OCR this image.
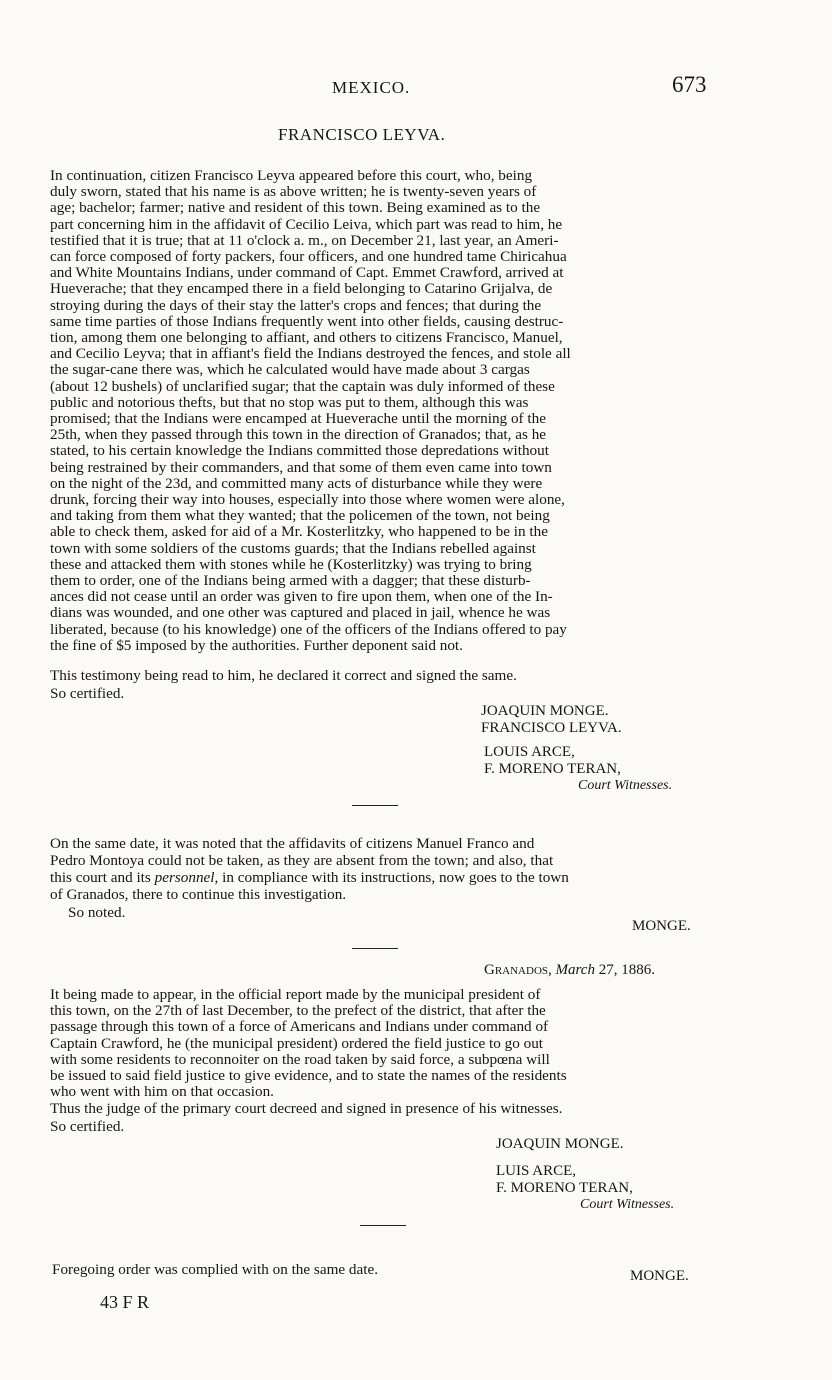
MEXICO.	673
FRANCISCO LEYVA.
In continuation, citizen Francisco Leyva appeared before this court, who, being
duly sworn, stated that his name is as above written; he is twenty-seven years of
age; bachelor; farmer; native and resident of this town. Being examined as to the
part concerning him in the affidavit of Cecilio Leiva, which part was read to him, he
testified that it is true; that at 11 o'clock a. m., on December 21, last year, an Ameri-
can force composed of forty packers, four officers, and one hundred tame Chiricahua
and White Mountains Indians, under command of Capt. Emmet Crawford, arrived at
Hueverache; that they encamped there in a field belonging to Catarino Grijalva, de
stroying during the days of their stay the latter's crops and fences; that during the
same time parties of those Indians frequently went into other fields, causing destruc-
tion, among them one belonging to affiant, and others to citizens Francisco, Manuel,
and Cecilio Leyva; that in affiant's field the Indians destroyed the fences, and stole all
the sugar-cane there was, which he calculated would have made about 3 cargas
(about 12 bushels) of unclarified sugar; that the captain was duly informed of these
public and notorious thefts, but that no stop was put to them, although this was
promised; that the Indians were encamped at Hueverache until the morning of the
25th, when they passed through this town in the direction of Granados; that, as he
stated, to his certain knowledge the Indians committed those depredations without
being restrained by their commanders, and that some of them even came into town
on the night of the 23d, and committed many acts of disturbance while they were
drunk, forcing their way into houses, especially into those where women were alone,
and taking from them what they wanted; that the policemen of the town, not being
able to check them, asked for aid of a Mr. Kosterlitzky, who happened to be in the
town with some soldiers of the customs guards; that the Indians rebelled against
these and attacked them with stones while he (Kosterlitzky) was trying to bring
them to order, one of the Indians being armed with a dagger; that these disturb-
ances did not cease until an order was given to fire upon them, when one of the In-
dians was wounded, and one other was captured and placed in jail, whence he was
liberated, because (to his knowledge) one of the officers of the Indians offered to pay
the fine of $5 imposed by the authorities. Further deponent said not.
This testimony being read to him, he declared it correct and signed the same.
So certified.
JOAQUIN MONGE.
FRANCISCO LEYVA.
LOUIS ARCE,
F. MORENO TERAN,
Court Witnesses.
On the same date, it was noted that the affidavits of citizens Manuel Franco and
Pedro Montoya could not be taken, as they are absent from the town; and also, that
this court and its personnel, in compliance with its instructions, now goes to the town
of Granados, there to continue this investigation.
So noted.
MONGE.
Granados, March 27, 1886.
It being made to appear, in the official report made by the municipal president of
this town, on the 27th of last December, to the prefect of the district, that after the
passage through this town of a force of Americans and Indians under command of
Captain Crawford, he (the municipal president) ordered the field justice to go out
with some residents to reconnoiter on the road taken by said force, a subpœna will
be issued to said field justice to give evidence, and to state the names of the residents
who went with him on that occasion.
Thus the judge of the primary court decreed and signed in presence of his witnesses.
So certified.
JOAQUIN MONGE.
LUIS ARCE,
F. MORENO TERAN,
Court Witnesses.
Foregoing order was complied with on the same date.	MONGE.
43 F R
